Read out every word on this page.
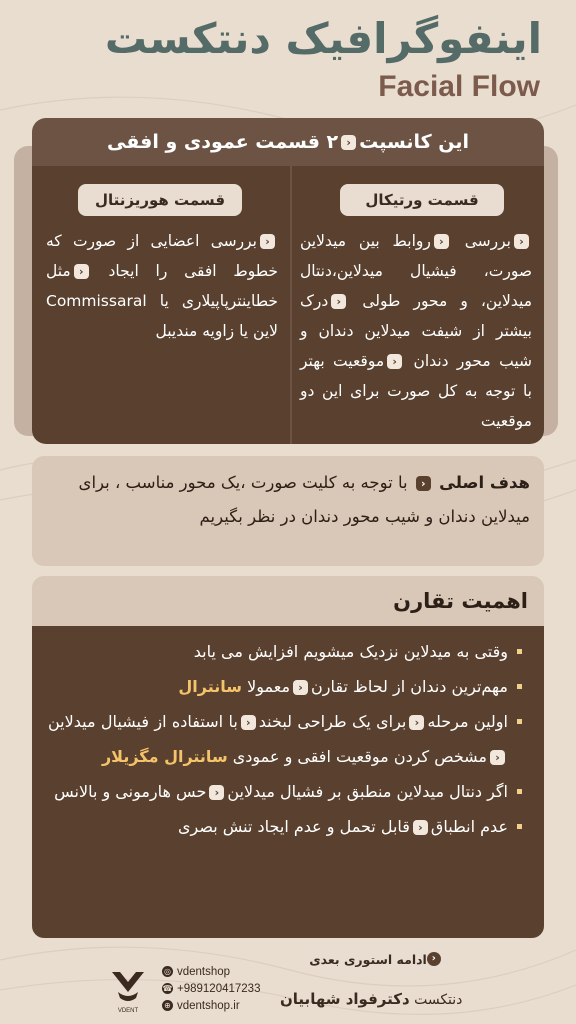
اینفوگرافیک دنتکست
Facial Flow
این کانسپت
‹
۲ قسمت عمودی و افقی
قسمت ورتیکال
‹بررسی ‹روابط بین میدلاین صورت، فیشیال میدلاین،دنتال میدلاین، و محور طولی ‹درک بیشتر از شیفت میدلاین دندان و شیب محور دندان ‹موقعیت بهتر با توجه به کل صورت برای این دو موقعیت
قسمت هوریزنتال
‹بررسی اعضایی از صورت که خطوط افقی را ایجاد ‹مثل خطاینترپاپیلاری یا Commissaral لاین یا زاویه مندیبل
هدف اصلی ‹ با توجه به کلیت صورت ،یک محور مناسب ، برای میدلاین دندان و شیب محور دندان در نظر بگیریم
اهمیت تقارن
وقتی به میدلاین نزدیک میشویم افزایش می یابد
مهم‌ترین دندان از لحاظ تقارن‹معمولا سانترال
اولین مرحله‹برای یک طراحی لبخند‹با استفاده از فیشیال میدلاین‹مشخص کردن موقعیت افقی و عمودی سانترال مگزیلار
اگر دنتال میدلاین منطبق بر فشیال میدلاین‹حس هارمونی و بالانس
عدم انطباق‹قابل تحمل و عدم ایجاد تنش بصری
‹
ادامه استوری بعدی
دنتکست دکترفواد شهابیان
◎ vdentshop
☎ +989120417233
⊕ vdentshop.ir
VDENT
